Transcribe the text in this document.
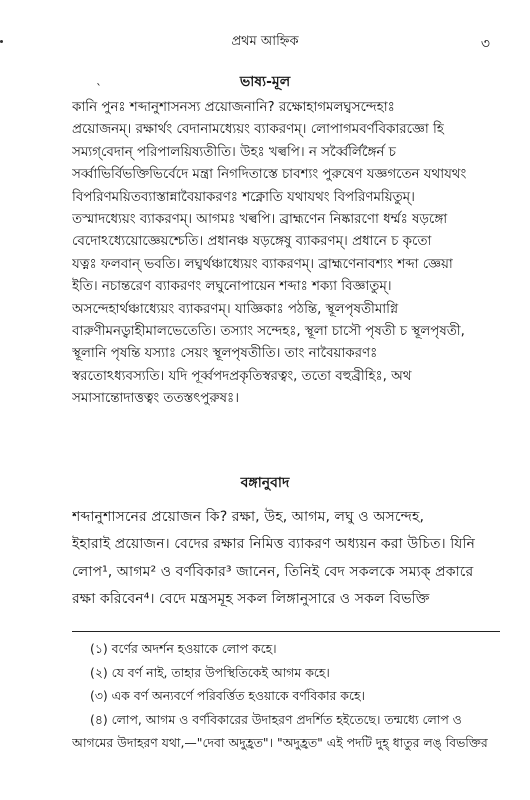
প্রথম আহ্নিক	৩
ভাষ্য-মূল
`
কানি পুনঃ শব্দানুশাসনস্য প্রয়োজনানি? রক্ষোহাগমলঘ্বসন্দেহাঃ
প্রয়োজনম্। রক্ষার্থং বেদানামধ্যেয়ং ব্যাকরণম্। লোপাগমবর্ণবিকারজ্ঞো হি
সম্যগ্‌বেদান্ পরিপালয়িষ্যতীতি। উহঃ খল্বপি। ন সর্ব্বৈর্লিঙ্গৈর্ন চ
সর্ব্বাভির্বিভক্তিভির্বেদে মন্ত্রা নিগদিতাস্তে চাবশ্যং পুরুষেণ যজ্ঞগতেন যথাযথং
বিপরিণময়িতব্যাস্তান্নাবৈয়াকরণঃ শক্নোতি যথাযথং বিপরিণময়িতুম্।
তস্মাদধ্যেয়ং ব্যাকরণম্। আগমঃ খল্বপি। ব্রাহ্মণেন নিষ্কারণো ধর্ম্মঃ ষড়ঙ্গো
বেদোঽধ্যেয়োজ্ঞেয়শ্চেতি। প্রধানঞ্চ ষড়ঙ্গেষু ব্যাকরণম্। প্রধানে চ কৃতো
যত্নঃ ফলবান্ ভবতি। লঘ্বর্থঞ্চাধ্যেয়ং ব্যাকরণম্। ব্রাহ্মণেনাবশ্যং শব্দা জ্ঞেয়া
ইতি। নচান্তরেণ ব্যাকরণং লঘুনোপায়েন শব্দাঃ শক্যা বিজ্ঞাতুম্।
অসন্দেহার্থঞ্চাধ্যেয়ং ব্যাকরণম্। যাজ্ঞিকাঃ পঠন্তি, স্থূলপৃষতীমাগ্নি
বারুণীমনড্বাহীমালভেতেতি। তস্যাং সন্দেহঃ, স্থূলা চাসৌ পৃষতী চ স্থূলপৃষতী,
স্থূলানি পৃষন্তি যস্যাঃ সেয়ং স্থূলপৃষতীতি। তাং নাবৈয়াকরণঃ
স্বরতোঽধ্যবস্যতি। যদি পূর্ব্বপদপ্রকৃতিস্বরত্বং, ততো বহুব্রীহিঃ, অথ
সমাসান্তোদাত্তত্বং ততস্তৎপুরুষঃ।
বঙ্গানুবাদ
শব্দানুশাসনের প্রয়োজন কি? রক্ষা, উহ, আগম, লঘু ও অসন্দেহ,
ইহারাই প্রয়োজন। বেদের রক্ষার নিমিত্ত ব্যাকরণ অধ্যয়ন করা উচিত। যিনি
লোপ¹, আগম² ও বর্ণবিকার³ জানেন, তিনিই বেদ সকলকে সম্যক্ প্রকারে
রক্ষা করিবেন⁴। বেদে মন্ত্রসমূহ সকল লিঙ্গানুসারে ও সকল বিভক্তি
(১) বর্ণের অদর্শন হওয়াকে লোপ কহে।
(২) যে বর্ণ নাই, তাহার উপস্থিতিকেই আগম কহে।
(৩) এক বর্ণ অন্যবর্ণে পরিবর্ত্তিত হওয়াকে বর্ণবিকার কহে।
(৪) লোপ, আগম ও বর্ণবিকারের উদাহরণ প্রদর্শিত হইতেছে। তন্মধ্যে লোপ ও
আগমের উদাহরণ যথা,—"দেবা অদুহ্রত"। "অদুহ্রত" এই পদটি দুহ্ ধাতুর লঙ্ বিভক্তির
